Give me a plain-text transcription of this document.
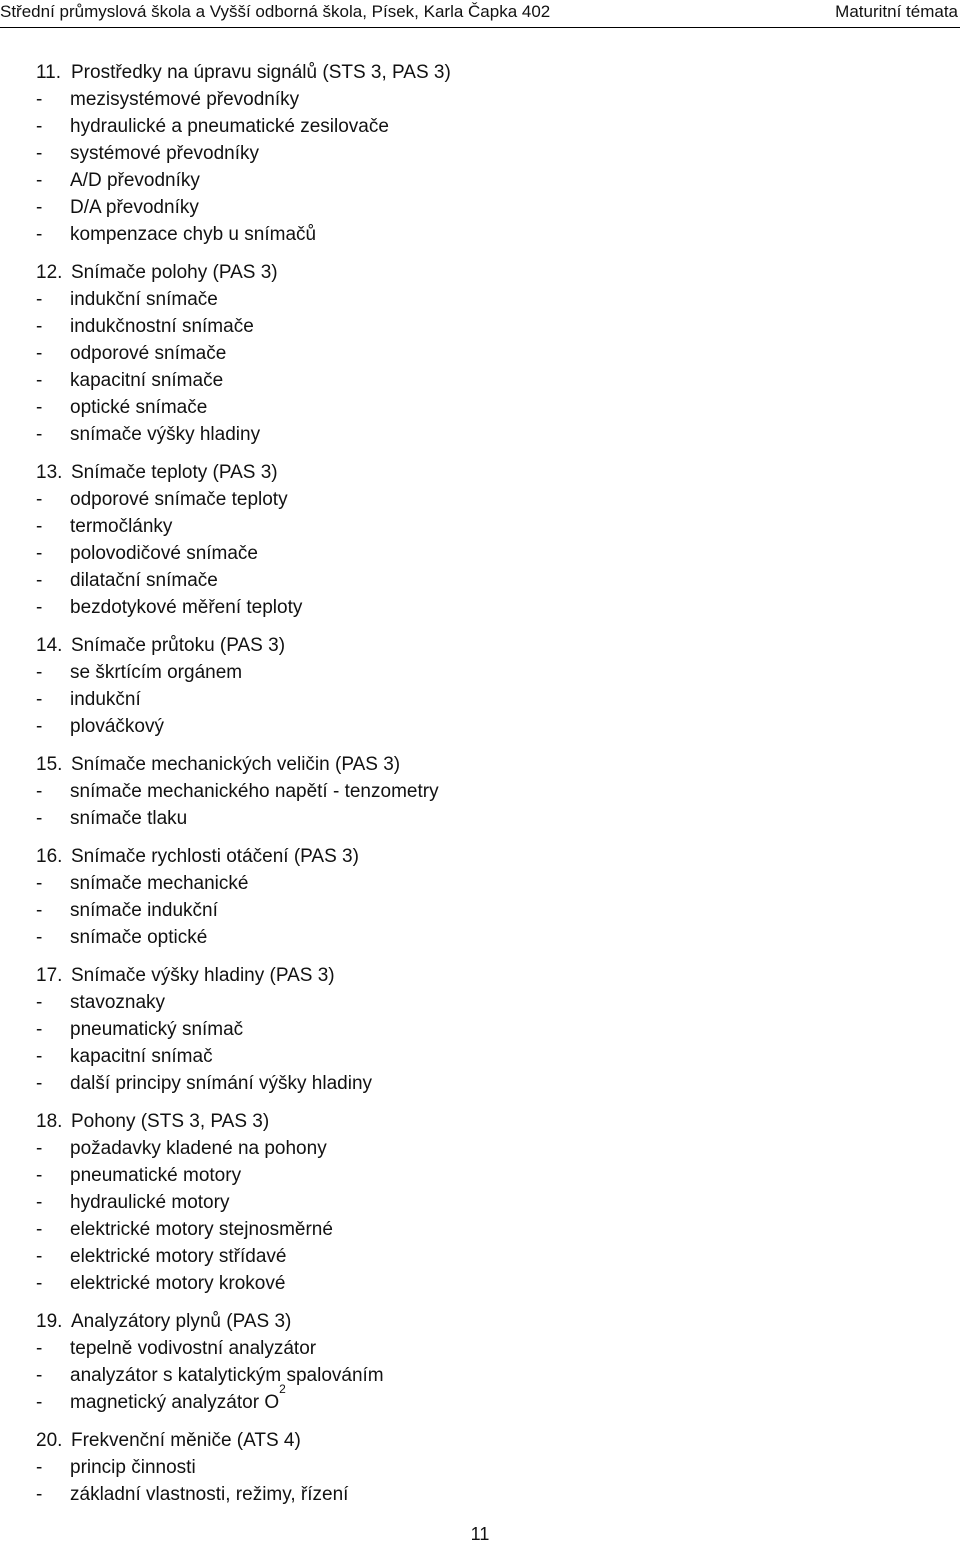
Střední průmyslová škola a Vyšší odborná škola, Písek, Karla Čapka 402	Maturitní témata
11. Prostředky na úpravu signálů (STS 3, PAS 3)
-	mezisystémové převodníky
-	hydraulické a pneumatické zesilovače
-	systémové převodníky
-	A/D převodníky
-	D/A převodníky
-	kompenzace chyb u snímačů
12. Snímače polohy (PAS 3)
-	indukční snímače
-	indukčnostní snímače
-	odporové snímače
-	kapacitní snímače
-	optické snímače
-	snímače výšky hladiny
13. Snímače teploty (PAS 3)
-	odporové snímače teploty
-	termočlánky
-	polovodičové snímače
-	dilatační snímače
-	bezdotykové měření teploty
14. Snímače průtoku (PAS 3)
-	se škrtícím orgánem
-	indukční
-	plováčkový
15. Snímače mechanických veličin (PAS 3)
-	snímače mechanického napětí - tenzometry
-	snímače tlaku
16. Snímače rychlosti otáčení (PAS 3)
-	snímače mechanické
-	snímače indukční
-	snímače optické
17. Snímače výšky hladiny (PAS 3)
-	stavoznaky
-	pneumatický snímač
-	kapacitní snímač
-	další principy snímání výšky hladiny
18. Pohony (STS 3, PAS 3)
-	požadavky kladené na pohony
-	pneumatické motory
-	hydraulické motory
-	elektrické motory stejnosměrné
-	elektrické motory střídavé
-	elektrické motory krokové
19. Analyzátory plynů (PAS 3)
-	tepelně vodivostní analyzátor
-	analyzátor s katalytickým spalováním
-	magnetický analyzátor O
2
20. Frekvenční měniče (ATS 4)
-	princip činnosti
-	základní vlastnosti, režimy, řízení
11
